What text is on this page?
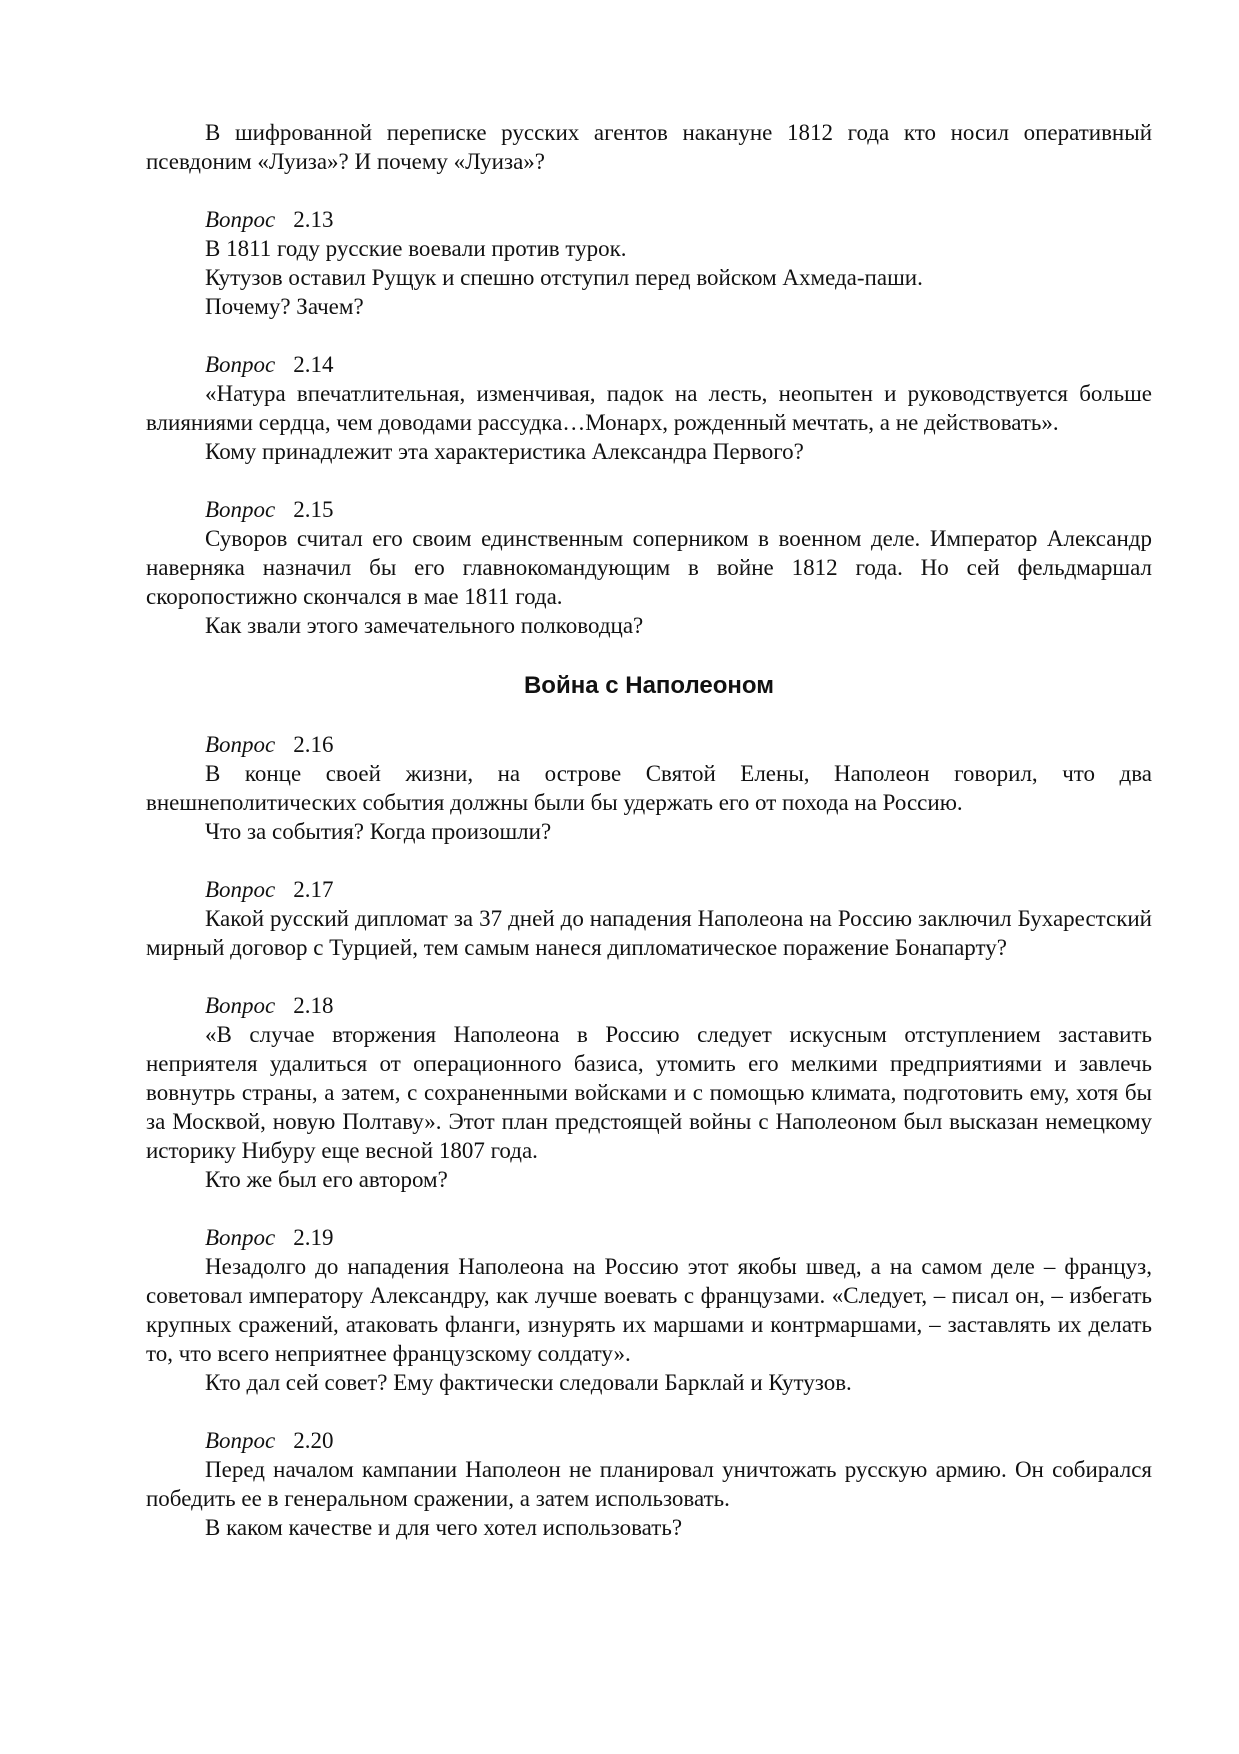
В шифрованной переписке русских агентов накануне 1812 года кто носил оперативный псевдоним «Луиза»? И почему «Луиза»?

Вопрос 2.13

В 1811 году русские воевали против турок.

Кутузов оставил Рущук и спешно отступил перед войском Ахмеда-паши.

Почему? Зачем?

Вопрос 2.14

«Натура впечатлительная, изменчивая, падок на лесть, неопытен и руководствуется больше влияниями сердца, чем доводами рассудка…Монарх, рожденный мечтать, а не действовать».

Кому принадлежит эта характеристика Александра Первого?

Вопрос 2.15

Суворов считал его своим единственным соперником в военном деле. Император Александр наверняка назначил бы его главнокомандующим в войне 1812 года. Но сей фельдмаршал скоропостижно скончался в мае 1811 года.

Как звали этого замечательного полководца?

Война с Наполеоном

Вопрос 2.16

В конце своей жизни, на острове Святой Елены, Наполеон говорил, что два внешнеполитических события должны были бы удержать его от похода на Россию.

Что за события? Когда произошли?

Вопрос 2.17

Какой русский дипломат за 37 дней до нападения Наполеона на Россию заключил Бухарестский мирный договор с Турцией, тем самым нанеся дипломатическое поражение Бонапарту?

Вопрос 2.18

«В случае вторжения Наполеона в Россию следует искусным отступлением заставить неприятеля удалиться от операционного базиса, утомить его мелкими предприятиями и завлечь вовнутрь страны, а затем, с сохраненными войсками и с помощью климата, подготовить ему, хотя бы за Москвой, новую Полтаву». Этот план предстоящей войны с Наполеоном был высказан немецкому историку Нибуру еще весной 1807 года.

Кто же был его автором?

Вопрос 2.19

Незадолго до нападения Наполеона на Россию этот якобы швед, а на самом деле – француз, советовал императору Александру, как лучше воевать с французами. «Следует, – писал он, – избегать крупных сражений, атаковать фланги, изнурять их маршами и контрмаршами, – заставлять их делать то, что всего неприятнее французскому солдату».

Кто дал сей совет? Ему фактически следовали Барклай и Кутузов.

Вопрос 2.20

Перед началом кампании Наполеон не планировал уничтожать русскую армию. Он собирался победить ее в генеральном сражении, а затем использовать.

В каком качестве и для чего хотел использовать?
